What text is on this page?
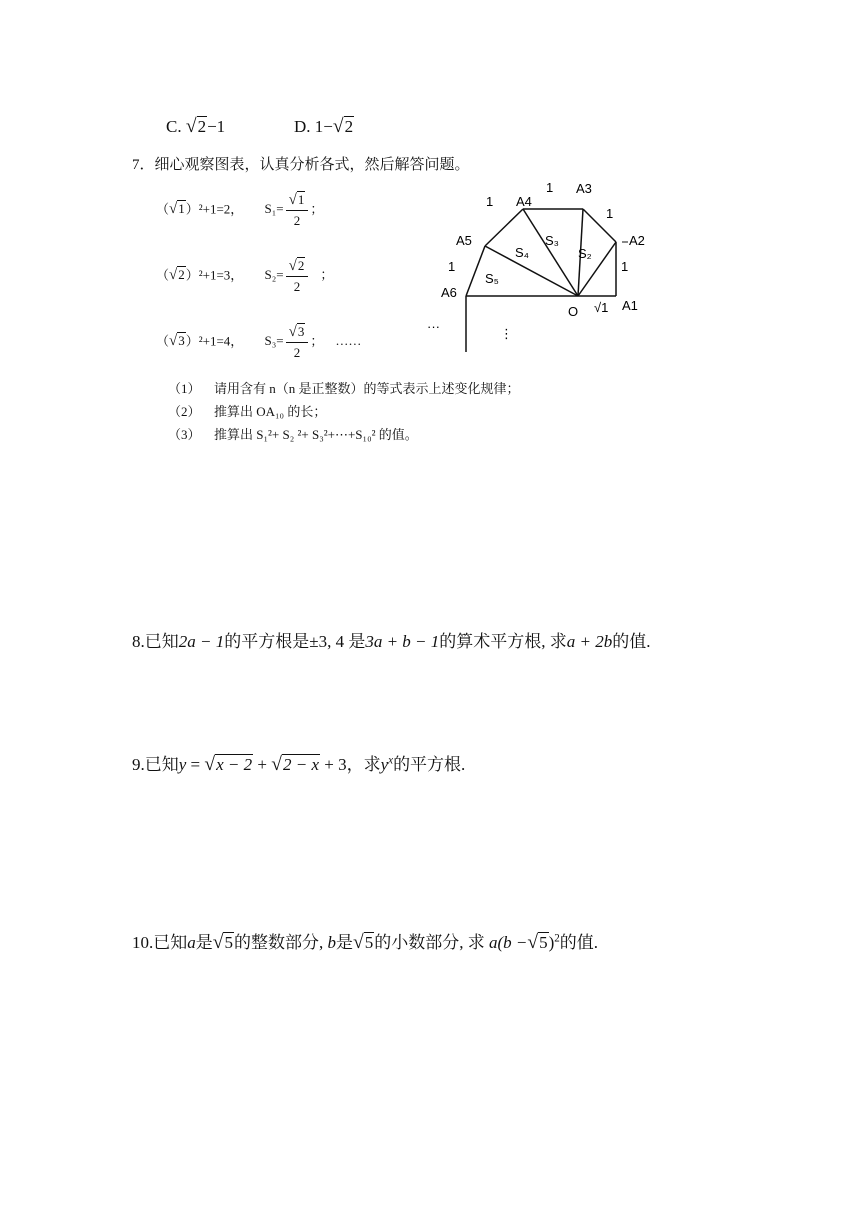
C. √2−1	D. 1−√2
7．细心观察图表，认真分析各式，然后解答问题。
（√1）²+1=2， $S_1= \frac{√1}{2}$ ；
（√2）²+1=3， $S_2= \frac{√2}{2}$ ；
（√3）²+1=4， $S_3= \frac{√3}{2}$ ； ……
O	A1
A2
A3
A4
A5
A6
1
1
1
1
1
√1
S₂
S₃
S₄
S₅
···	⋮
（1） 请用含有 n（n 是正整数）的等式表示上述变化规律；
（2） 推算出 OA₁₀ 的长；
（3） 推算出 S₁²+ S₂ ²+ S₃²+⋯+S₁₀² 的值。
8.已知2a − 1的平方根是±3, 4 是3a + b − 1的算术平方根, 求a + 2b的值.
9.已知y = √x − 2 + √2 − x + 3，求$y^x$的平方根.
10.已知a是√5的整数部分, b是√5的小数部分, 求 $a(b -√5)^2$的值.
